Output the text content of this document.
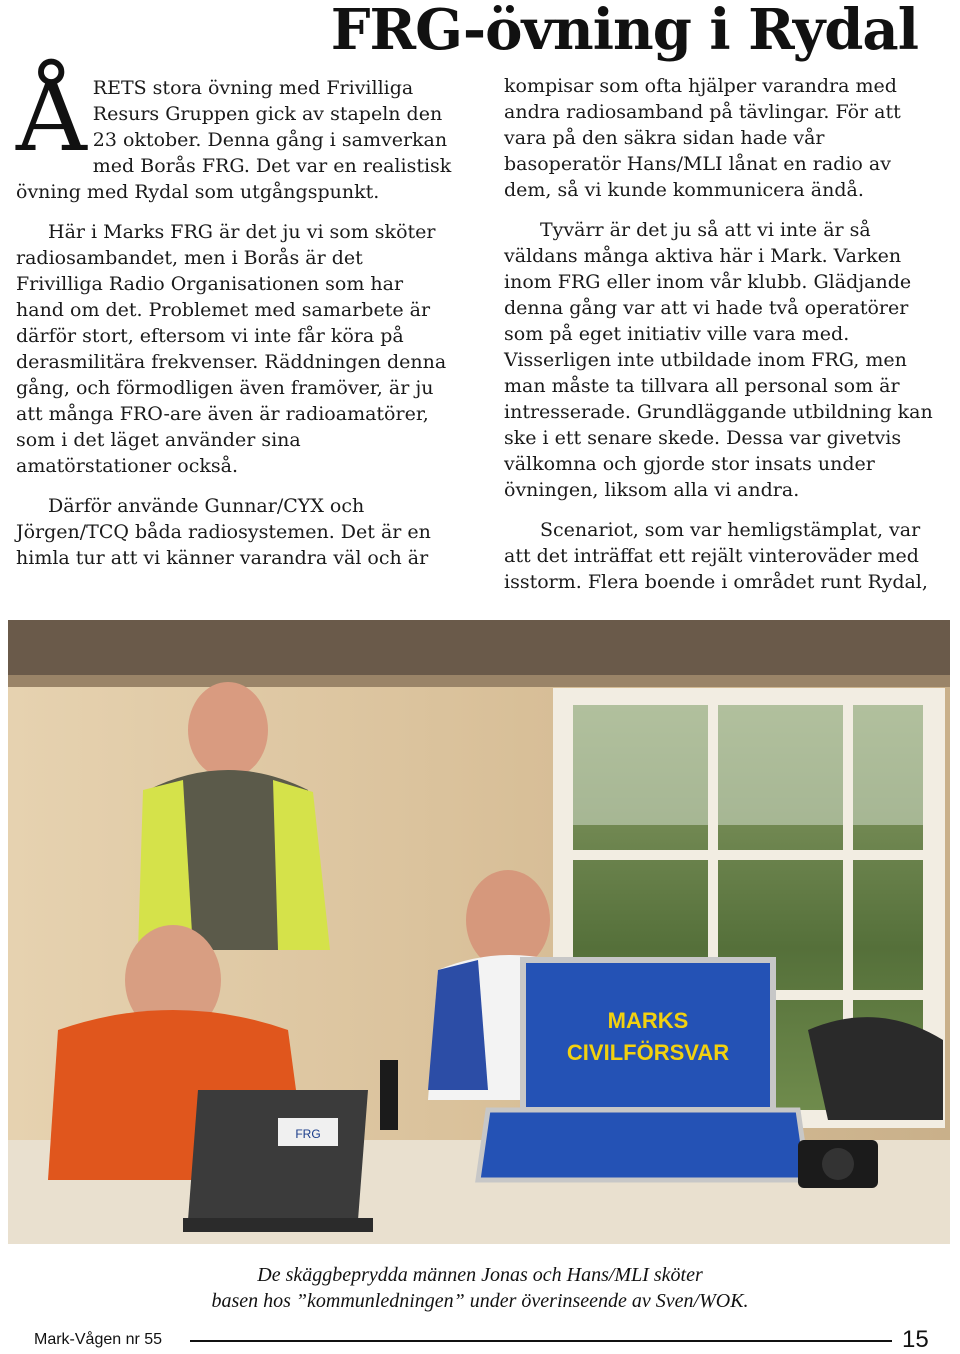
FRG-övning i Rydal

ÅRETS stora övning med Frivilliga Resurs Gruppen gick av stapeln den 23 oktober. Denna gång i samverkan med Borås FRG. Det var en realistisk övning med Rydal som utgångspunkt.

Här i Marks FRG är det ju vi som sköter radiosambandet, men i Borås är det Frivilliga Radio Organisationen som har hand om det. Problemet med samarbete är därför stort, eftersom vi inte får köra på derasmilitära frekvenser. Räddningen denna gång, och förmodligen även framöver, är ju att många FRO-are även är radioamatörer, som i det läget använder sina amatörstationer också.

Därför använde Gunnar/CYX och Jörgen/TCQ båda radiosystemen. Det är en himla tur att vi känner varandra väl och är

kompisar som ofta hjälper varandra med andra radiosamband på tävlingar. För att vara på den säkra sidan hade vår basoperatör Hans/MLI lånat en radio av dem, så vi kunde kommunicera ändå.

Tyvärr är det ju så att vi inte är så väldans många aktiva här i Mark. Varken inom FRG eller inom vår klubb. Glädjande denna gång var att vi hade två operatörer som på eget initiativ ville vara med. Visserligen inte utbildade inom FRG, men man måste ta tillvara all personal som är intresserade. Grundläggande utbildning kan ske i ett senare skede. Dessa var givetvis välkomna och gjorde stor insats under övningen, liksom alla vi andra.

Scenariot, som var hemligstämplat, var att det inträffat ett rejält vinteroväder med isstorm. Flera boende i området runt Rydal,

FRG
MARKS
CIVILFÖRSVAR
De skäggbeprydda männen Jonas och Hans/MLI sköter
basen hos ”kommunledningen” under överinseende av Sven/WOK.
Mark-Vågen nr 55	15
